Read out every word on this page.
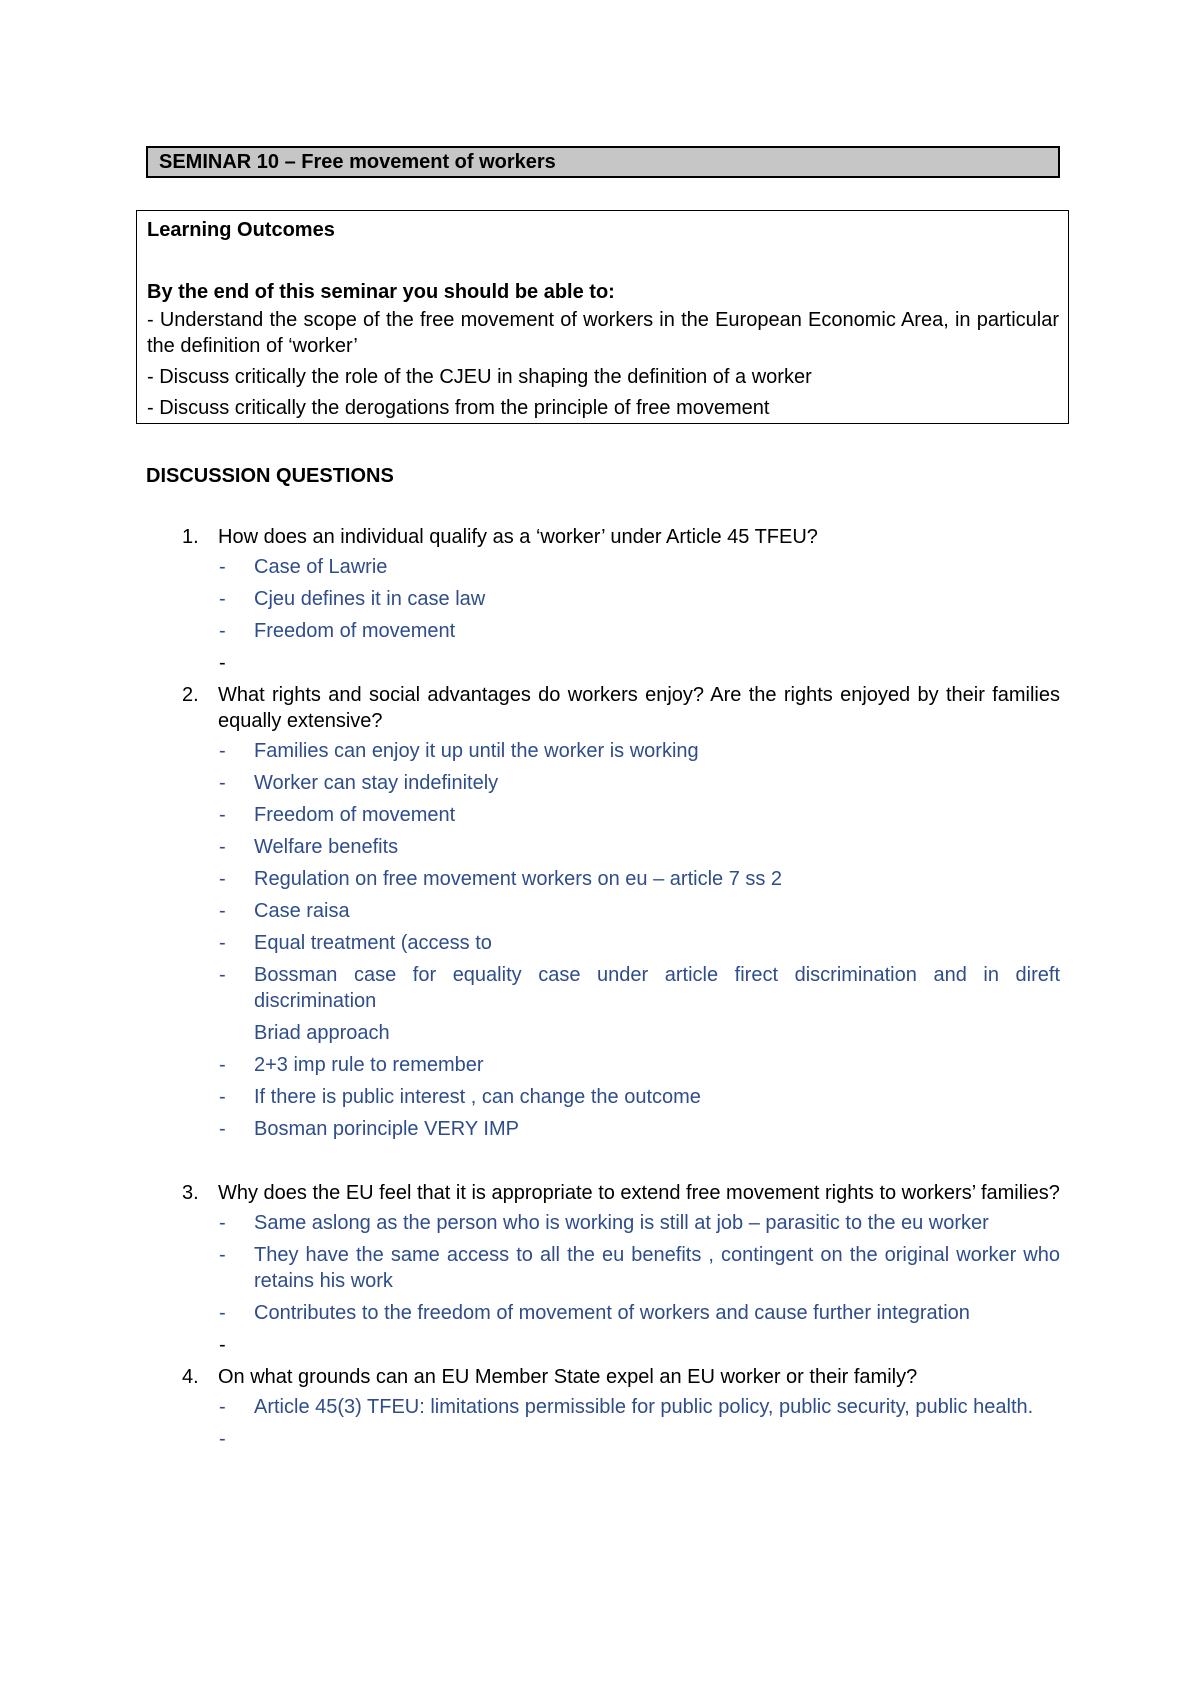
SEMINAR 10 – Free movement of workers
Learning Outcomes
By the end of this seminar you should be able to:
- Understand the scope of the free movement of workers in the European Economic Area, in particular the definition of ‘worker’
- Discuss critically the role of the CJEU in shaping the definition of a worker
- Discuss critically the derogations from the principle of free movement
DISCUSSION QUESTIONS
1. How does an individual qualify as a ‘worker’ under Article 45 TFEU?
- Case of Lawrie
- Cjeu defines it in case law
- Freedom of movement
-

2. What rights and social advantages do workers enjoy? Are the rights enjoyed by their families equally extensive?
- Families can enjoy it up until the worker is working
- Worker can stay indefinitely
- Freedom of movement
- Welfare benefits
- Regulation on free movement workers on eu – article 7 ss 2
- Case raisa
- Equal treatment (access to
- Bossman case for equality case under article firect discrimination and in direft discrimination
Briad approach
- 2+3 imp rule to remember
- If there is public interest , can change the outcome
- Bosman porinciple VERY IMP
3. Why does the EU feel that it is appropriate to extend free movement rights to workers’ families?
- Same aslong as the person who is working is still at job – parasitic to the eu worker
- They have the same access to all the eu benefits , contingent on the original worker who retains his work
- Contributes to the freedom of movement of workers and cause further integration
-

4. On what grounds can an EU Member State expel an EU worker or their family?
- Article 45(3) TFEU: limitations permissible for public policy, public security, public health.
-
